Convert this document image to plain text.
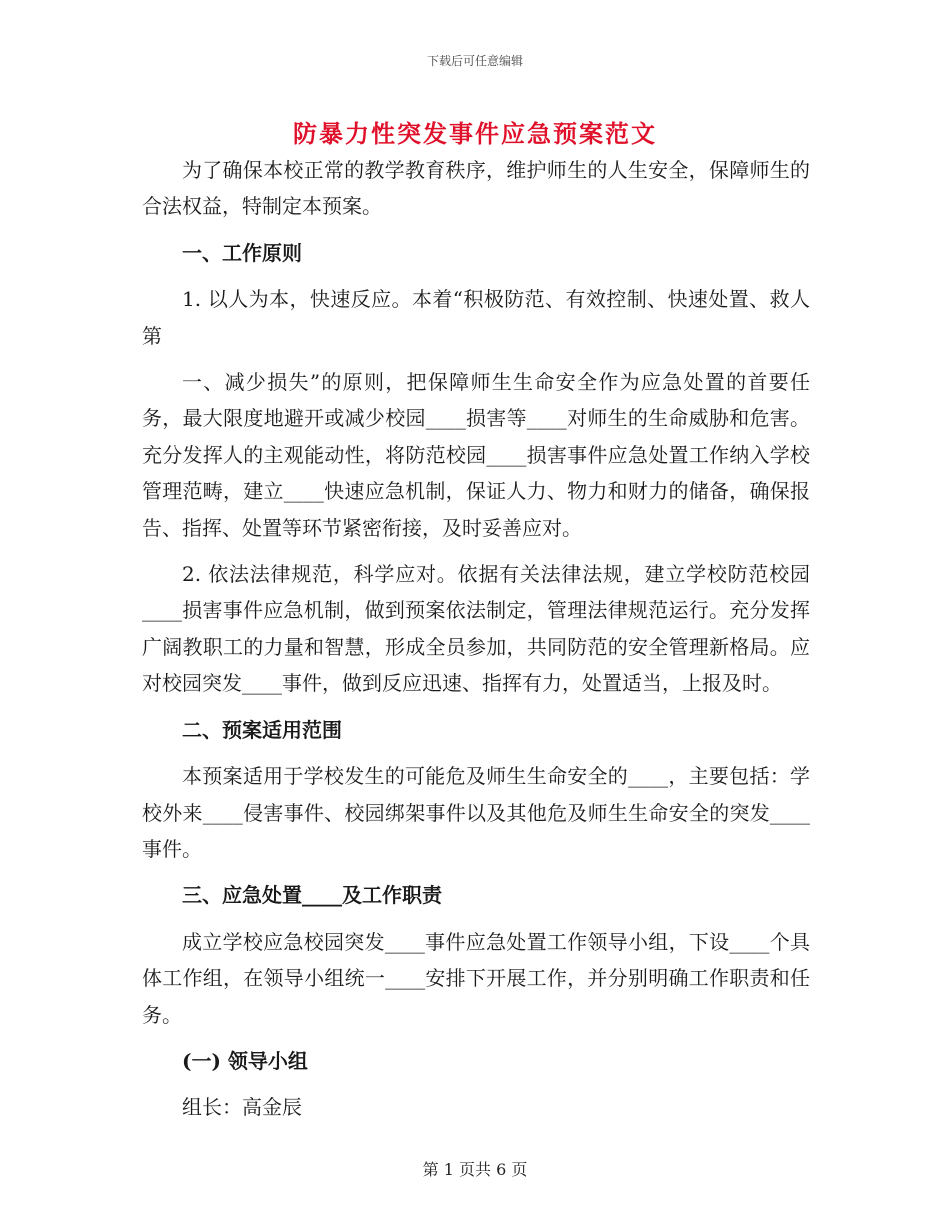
下载后可任意编辑
防暴力性突发事件应急预案范文

为了确保本校正常的教学教育秩序，维护师生的人生安全，保障师生的合法权益，特制定本预案。

一、工作原则

1. 以人为本，快速反应。本着“积极防范、有效控制、快速处置、救人第

一、减少损失”的原则，把保障师生生命安全作为应急处置的首要任务，最大限度地避开或减少校园____损害等____对师生的生命威胁和危害。充分发挥人的主观能动性，将防范校园____损害事件应急处置工作纳入学校管理范畴，建立____快速应急机制，保证人力、物力和财力的储备，确保报告、指挥、处置等环节紧密衔接，及时妥善应对。

2. 依法法律规范，科学应对。依据有关法律法规，建立学校防范校园____损害事件应急机制，做到预案依法制定，管理法律规范运行。充分发挥广阔教职工的力量和智慧，形成全员参加，共同防范的安全管理新格局。应对校园突发____事件，做到反应迅速、指挥有力，处置适当，上报及时。

二、预案适用范围

本预案适用于学校发生的可能危及师生生命安全的____，主要包括：学校外来____侵害事件、校园绑架事件以及其他危及师生生命安全的突发____事件。

三、应急处置____及工作职责

成立学校应急校园突发____事件应急处置工作领导小组，下设____个具体工作组，在领导小组统一____安排下开展工作，并分别明确工作职责和任务。

(一) 领导小组

组长：高金辰

第 1 页共 6 页
